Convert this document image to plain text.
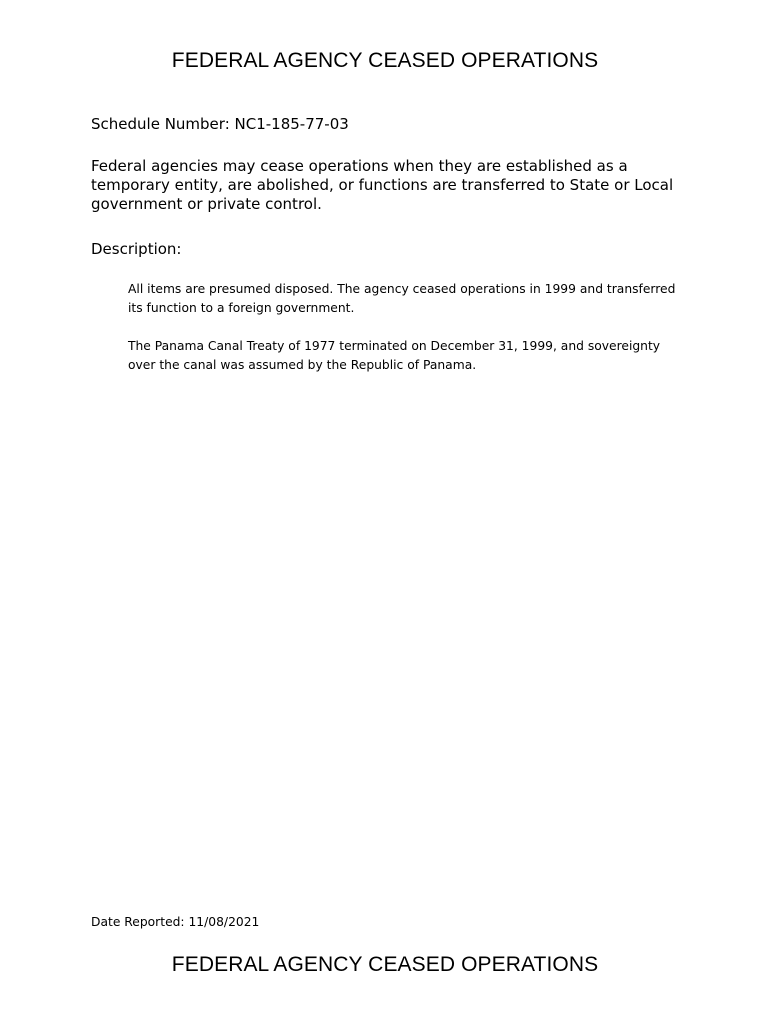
FEDERAL AGENCY CEASED OPERATIONS

Schedule Number: NC1-185-77-03

Federal agencies may cease operations when they are established as a temporary entity, are abolished, or functions are transferred to State or Local government or private control.

Description:

All items are presumed disposed. The agency ceased operations in 1999 and transferred its function to a foreign government.

The Panama Canal Treaty of 1977 terminated on December 31, 1999, and sovereignty over the canal was assumed by the Republic of Panama.

Date Reported: 11/08/2021

FEDERAL AGENCY CEASED OPERATIONS
